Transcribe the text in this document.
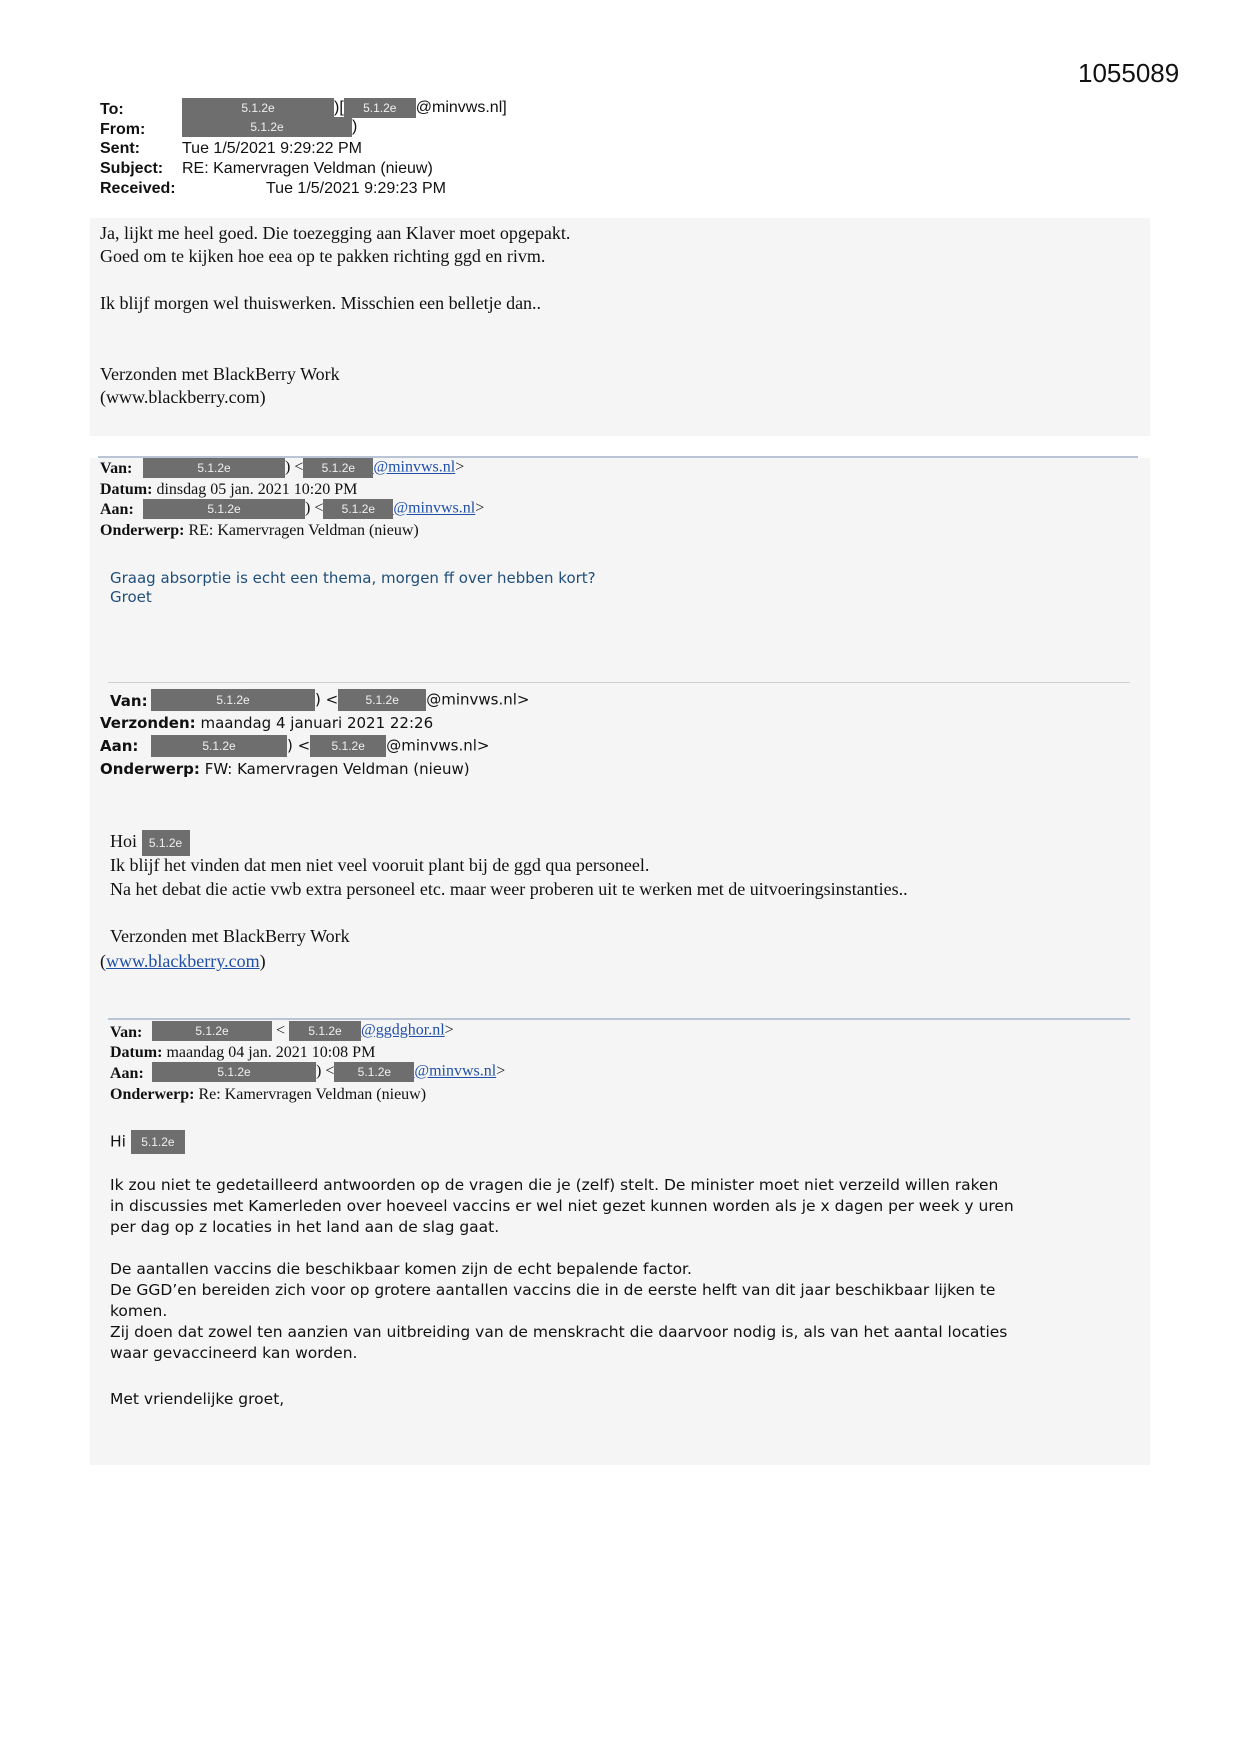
1055089
To:	5.1.2e	)[ 5.1.2e @minvws.nl]
From:	5.1.2e	)
Sent:	Tue 1/5/2021 9:29:22 PM
Subject: RE: Kamervragen Veldman (nieuw)
Received:	Tue 1/5/2021 9:29:23 PM
Ja, lijkt me heel goed. Die toezegging aan Klaver moet opgepakt.
Goed om te kijken hoe eea op te pakken richting ggd en rivm.
Ik blijf morgen wel thuiswerken. Misschien een belletje dan..
Verzonden met BlackBerry Work
(www.blackberry.com)
Van:	5.1.2e	) < 5.1.2e @minvws.nl>
Datum: dinsdag 05 jan. 2021 10:20 PM
Aan:	5.1.2e	) < 5.1.2e @minvws.nl>
Onderwerp: RE: Kamervragen Veldman (nieuw)
Graag absorptie is echt een thema, morgen ff over hebben kort?
Groet
Van:	5.1.2e	) < 5.1.2e @minvws.nl>
Verzonden: maandag 4 januari 2021 22:26
Aan:	5.1.2e	) < 5.1.2e @minvws.nl>
Onderwerp: FW: Kamervragen Veldman (nieuw)
Hoi 5.1.2e
Ik blijf het vinden dat men niet veel vooruit plant bij de ggd qua personeel.
Na het debat die actie vwb extra personeel etc. maar weer proberen uit te werken met de uitvoeringsinstanties..
Verzonden met BlackBerry Work
(www.blackberry.com)
Van:	5.1.2e	< 5.1.2e @ggdghor.nl>
Datum: maandag 04 jan. 2021 10:08 PM
Aan:	5.1.2e	) < 5.1.2e @minvws.nl>
Onderwerp: Re: Kamervragen Veldman (nieuw)
Hi 5.1.2e
Ik zou niet te gedetailleerd antwoorden op de vragen die je (zelf) stelt. De minister moet niet verzeild willen raken
in discussies met Kamerleden over hoeveel vaccins er wel niet gezet kunnen worden als je x dagen per week y uren
per dag op z locaties in het land aan de slag gaat.
De aantallen vaccins die beschikbaar komen zijn de echt bepalende factor.
De GGD’en bereiden zich voor op grotere aantallen vaccins die in de eerste helft van dit jaar beschikbaar lijken te
komen.
Zij doen dat zowel ten aanzien van uitbreiding van de menskracht die daarvoor nodig is, als van het aantal locaties
waar gevaccineerd kan worden.
Met vriendelijke groet,
